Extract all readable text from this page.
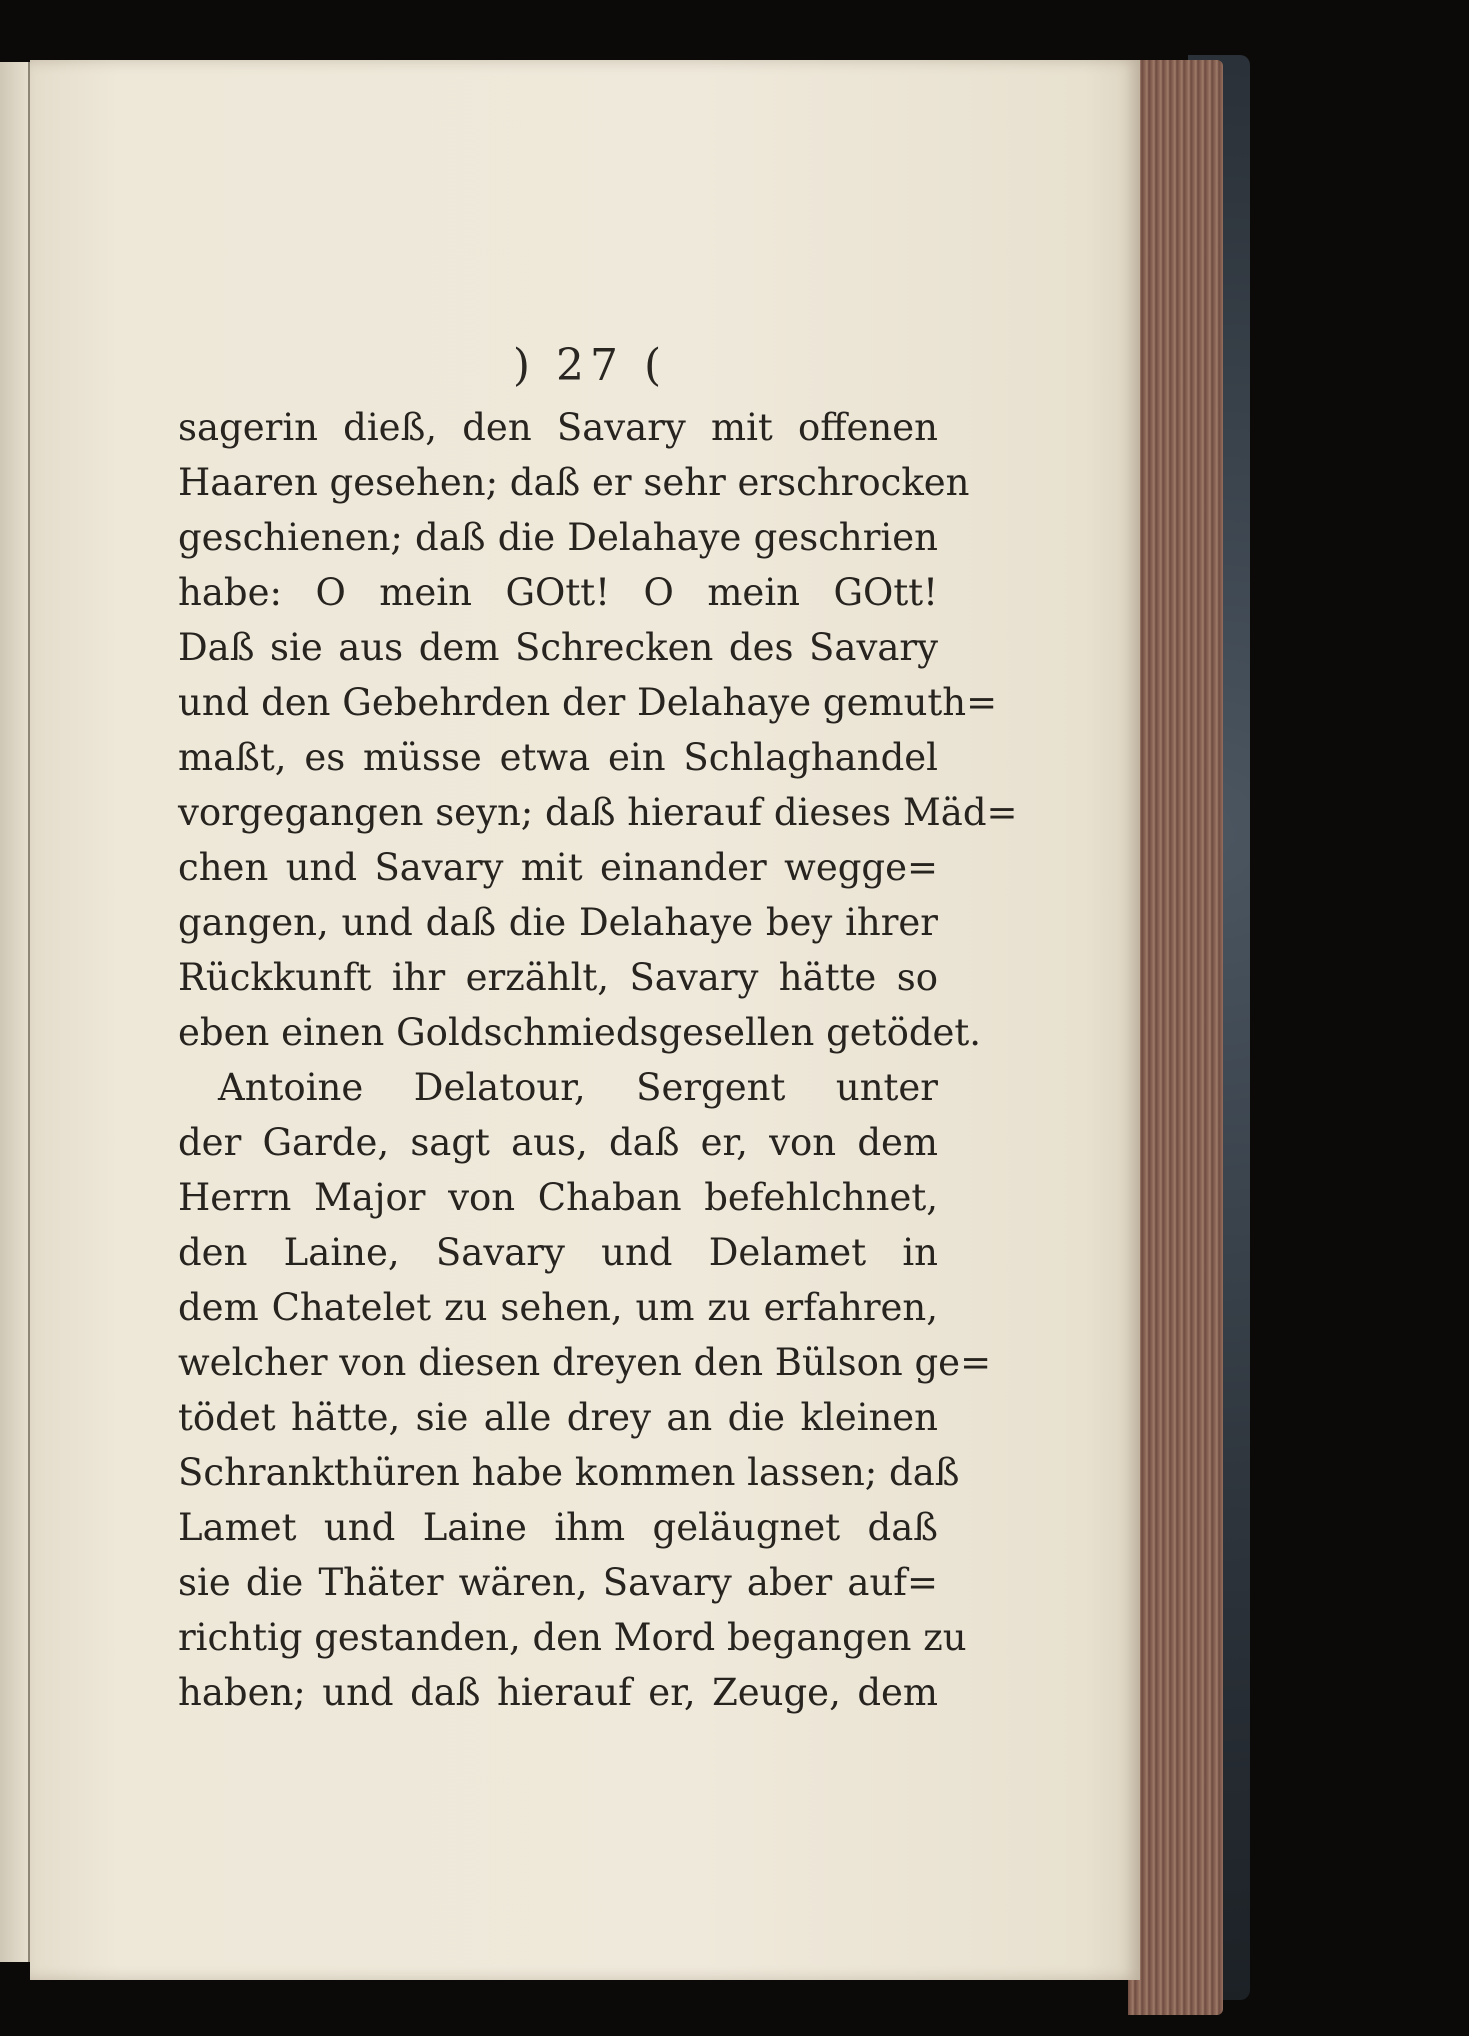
) 27 (
sagerin dieß, den Savary mit offenen
Haaren gesehen; daß er sehr erschrocken
geschienen; daß die Delahaye geschrien
habe: O mein GOtt! O mein GOtt!
Daß sie aus dem Schrecken des Savary
und den Gebehrden der Delahaye gemuth=
maßt, es müsse etwa ein Schlaghandel
vorgegangen seyn; daß hierauf dieses Mäd=
chen und Savary mit einander wegge=
gangen, und daß die Delahaye bey ihrer
Rückkunft ihr erzählt, Savary hätte so
eben einen Goldschmiedsgesellen getödet.
Antoine Delatour, Sergent unter
der Garde, sagt aus, daß er, von dem
Herrn Major von Chaban befehlchnet,
den Laine, Savary und Delamet in
dem Chatelet zu sehen, um zu erfahren,
welcher von diesen dreyen den Bülson ge=
tödet hätte, sie alle drey an die kleinen
Schrankthüren habe kommen lassen; daß
Lamet und Laine ihm geläugnet daß
sie die Thäter wären, Savary aber auf=
richtig gestanden, den Mord begangen zu
haben; und daß hierauf er, Zeuge, dem
